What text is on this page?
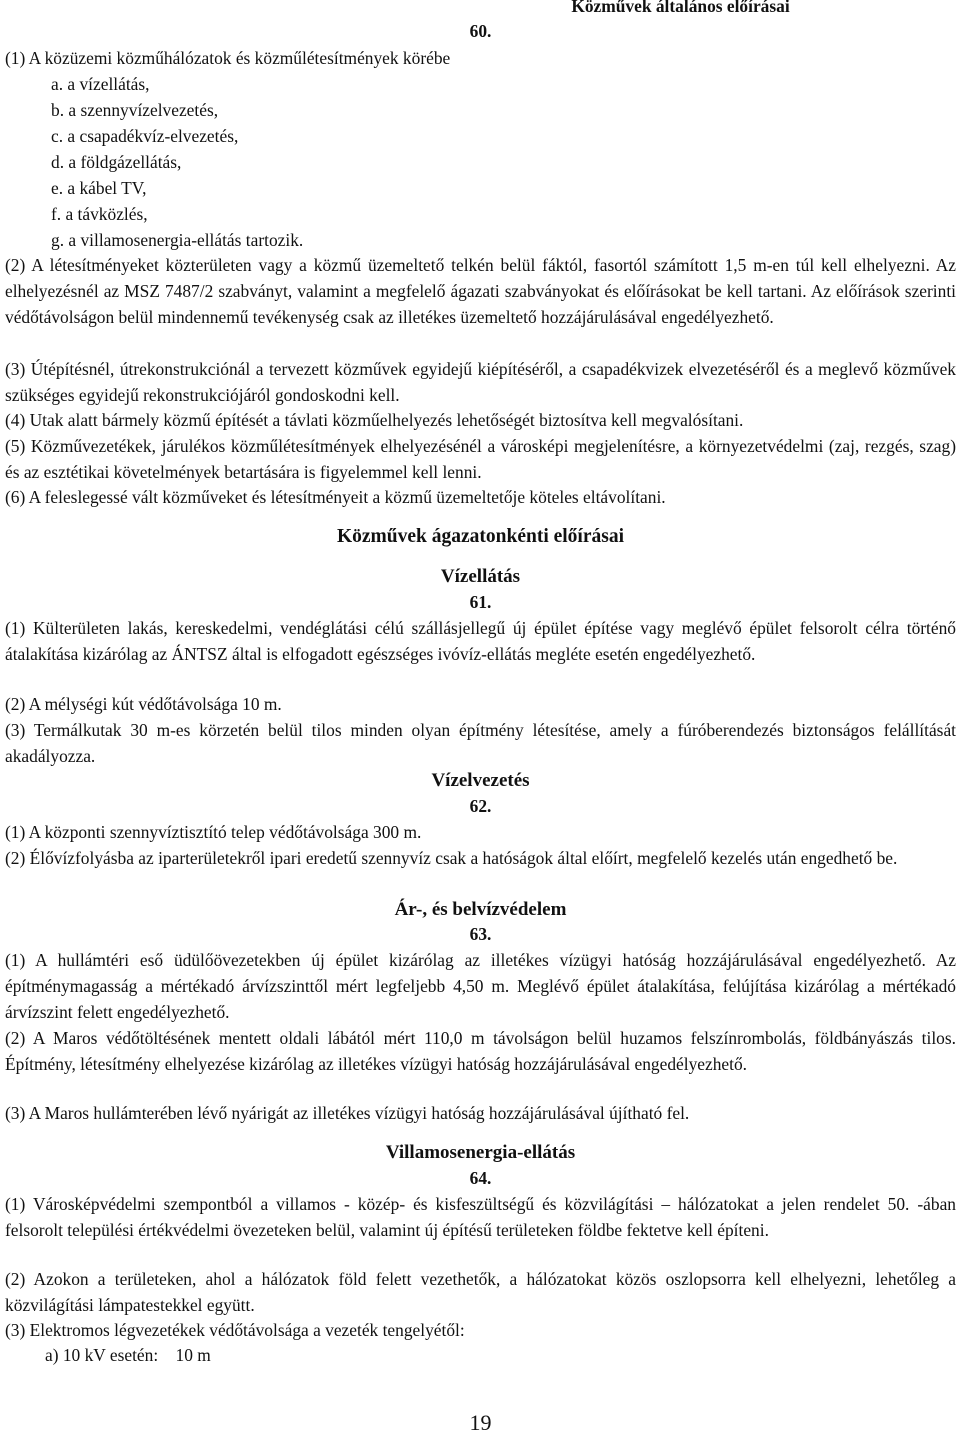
Közművek általános előírásai
60.
(1) A közüzemi közműhálózatok és közműlétesítmények körébe
a. a vízellátás,
b. a szennyvízelvezetés,
c. a csapadékvíz-elvezetés,
d. a földgázellátás,
e. a kábel TV,
f. a távközlés,
g. a villamosenergia-ellátás tartozik.

(2) A létesítményeket közterületen vagy a közmű üzemeltető telkén belül fáktól, fasortól számított 1,5 m-en túl kell elhelyezni. Az elhelyezésnél az MSZ 7487/2 szabványt, valamint a megfelelő ágazati szabványokat és előírásokat be kell tartani. Az előírások szerinti védőtávolságon belül mindennemű tevékenység csak az illetékes üzemeltető hozzájárulásával engedélyezhető.

(3) Útépítésnél, útrekonstrukciónál a tervezett közművek egyidejű kiépítéséről, a csapadékvizek elvezetéséről és a meglevő közművek szükséges egyidejű rekonstrukciójáról gondoskodni kell.

(4) Utak alatt bármely közmű építését a távlati közműelhelyezés lehetőségét biztosítva kell megvalósítani.

(5) Közművezetékek, járulékos közműlétesítmények elhelyezésénél a városképi megjelenítésre, a környezetvédelmi (zaj, rezgés, szag) és az esztétikai követelmények betartására is figyelemmel kell lenni.

(6) A feleslegessé vált közműveket és létesítményeit a közmű üzemeltetője köteles eltávolítani.

Közművek ágazatonkénti előírásai
Vízellátás
61.

(1) Külterületen lakás, kereskedelmi, vendéglátási célú szállásjellegű új épület építése vagy meglévő épület felsorolt célra történő átalakítása kizárólag az ÁNTSZ által is elfogadott egészséges ivóvíz-ellátás megléte esetén engedélyezhető.

(2) A mélységi kút védőtávolsága 10 m.

(3) Termálkutak 30 m-es körzetén belül tilos minden olyan építmény létesítése, amely a fúróberendezés biztonságos felállítását akadályozza.

Vízelvezetés
62.

(1) A központi szennyvíztisztító telep védőtávolsága 300 m.

(2) Élővízfolyásba az iparterületekről ipari eredetű szennyvíz csak a hatóságok által előírt, megfelelő kezelés után engedhető be.

Ár-, és belvízvédelem
63.

(1) A hullámtéri eső üdülőövezetekben új épület kizárólag az illetékes vízügyi hatóság hozzájárulásával engedélyezhető. Az építménymagasság a mértékadó árvízszinttől mért legfeljebb 4,50 m. Meglévő épület átalakítása, felújítása kizárólag a mértékadó árvízszint felett engedélyezhető.

(2) A Maros védőtöltésének mentett oldali lábától mért 110,0 m távolságon belül huzamos felszínrombolás, földbányászás tilos. Építmény, létesítmény elhelyezése kizárólag az illetékes vízügyi hatóság hozzájárulásával engedélyezhető.

(3) A Maros hullámterében lévő nyárigát az illetékes vízügyi hatóság hozzájárulásával újítható fel.

Villamosenergia-ellátás
64.

(1) Városképvédelmi szempontból a villamos - közép- és kisfeszültségű és közvilágítási – hálózatokat a jelen rendelet 50. -ában felsorolt települési értékvédelmi övezeteken belül, valamint új építésű területeken földbe fektetve kell építeni.

(2) Azokon a területeken, ahol a hálózatok föld felett vezethetők, a hálózatokat közös oszlopsorra kell elhelyezni, lehetőleg a közvilágítási lámpatestekkel együtt.

(3) Elektromos légvezetékek védőtávolsága a vezeték tengelyétől:

a) 10 kV esetén:    10 m
19
